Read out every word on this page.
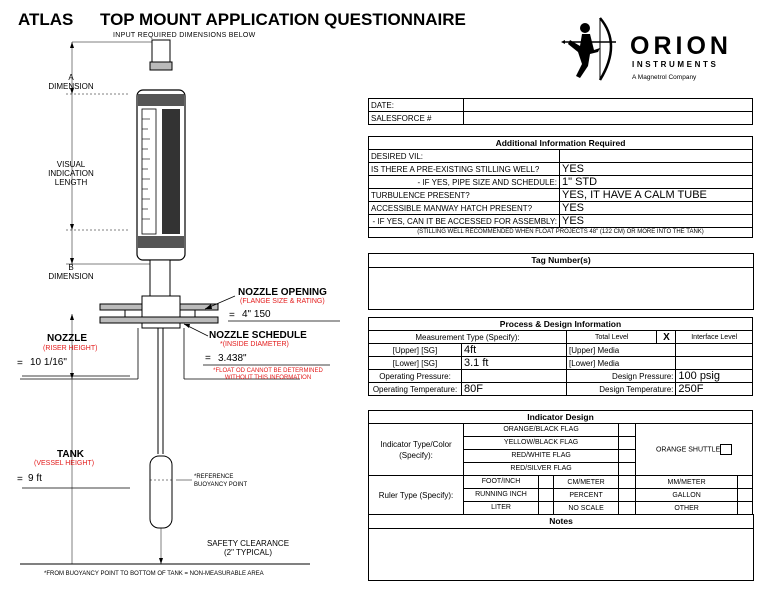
ATLAS TOP MOUNT APPLICATION QUESTIONNAIRE
INPUT REQUIRED DIMENSIONS BELOW	ORION
INSTRUMENTS
A Magnetrol Company
A
DIMENSION
VISUAL
INDICATION
LENGTH
B
DIMENSION
NOZZLE OPENING
(FLANGE SIZE & RATING)
= 4" 150
NOZZLE SCHEDULE
*(INSIDE DIAMETER)
= 3.438"
*FLOAT OD CANNOT BE DETERMINED
WITHOUT THIS INFORMATION
NOZZLE
(RISER HEIGHT)
= 10 1/16"
TANK
(VESSEL HEIGHT)
= 9 ft	*REFERENCE
BUOYANCY POINT
SAFETY CLEARANCE
(2" TYPICAL)
*FROM BUOYANCY POINT TO BOTTOM OF TANK = NON-MEASURABLE AREA
DATE:	
SALESFORCE #	
Additional Information Required	
DESIRED VIL:	
IS THERE A PRE-EXISTING STILLING WELL?	YES
- IF YES, PIPE SIZE AND SCHEDULE:	1" STD
TURBULENCE PRESENT?	YES, IT HAVE A CALM TUBE
ACCESSIBLE MANWAY HATCH PRESENT?	YES
- IF YES, CAN IT BE ACCESSED FOR ASSEMBLY:	YES
(STILLING WELL RECOMMENDED WHEN FLOAT PROJECTS 48" (122 CM) OR MORE INTO THE TANK)	
Tag Number(s)
Process & Design Information				
Measurement Type (Specify):		Total Level	X	Interface Level
[Upper] [SG]	4ft	[Upper] Media		
[Lower] [SG]	3.1 ft	[Lower] Media		
Operating Pressure:		Design Pressure:		100 psig
Operating Temperature:	80F	Design Temperature:		250F
Indicator Design						
Indicator Type/Color
(Specify):	ORANGE/BLACK FLAG				ORANGE SHUTTLE	
	YELLOW/BLACK FLAG					
	RED/WHITE FLAG					
	RED/SILVER FLAG					
Ruler Type (Specify):	FOOT/INCH		CM/METER		MM/METER	
	RUNNING INCH		PERCENT		GALLON	
	LITER		NO SCALE		OTHER	
Notes
